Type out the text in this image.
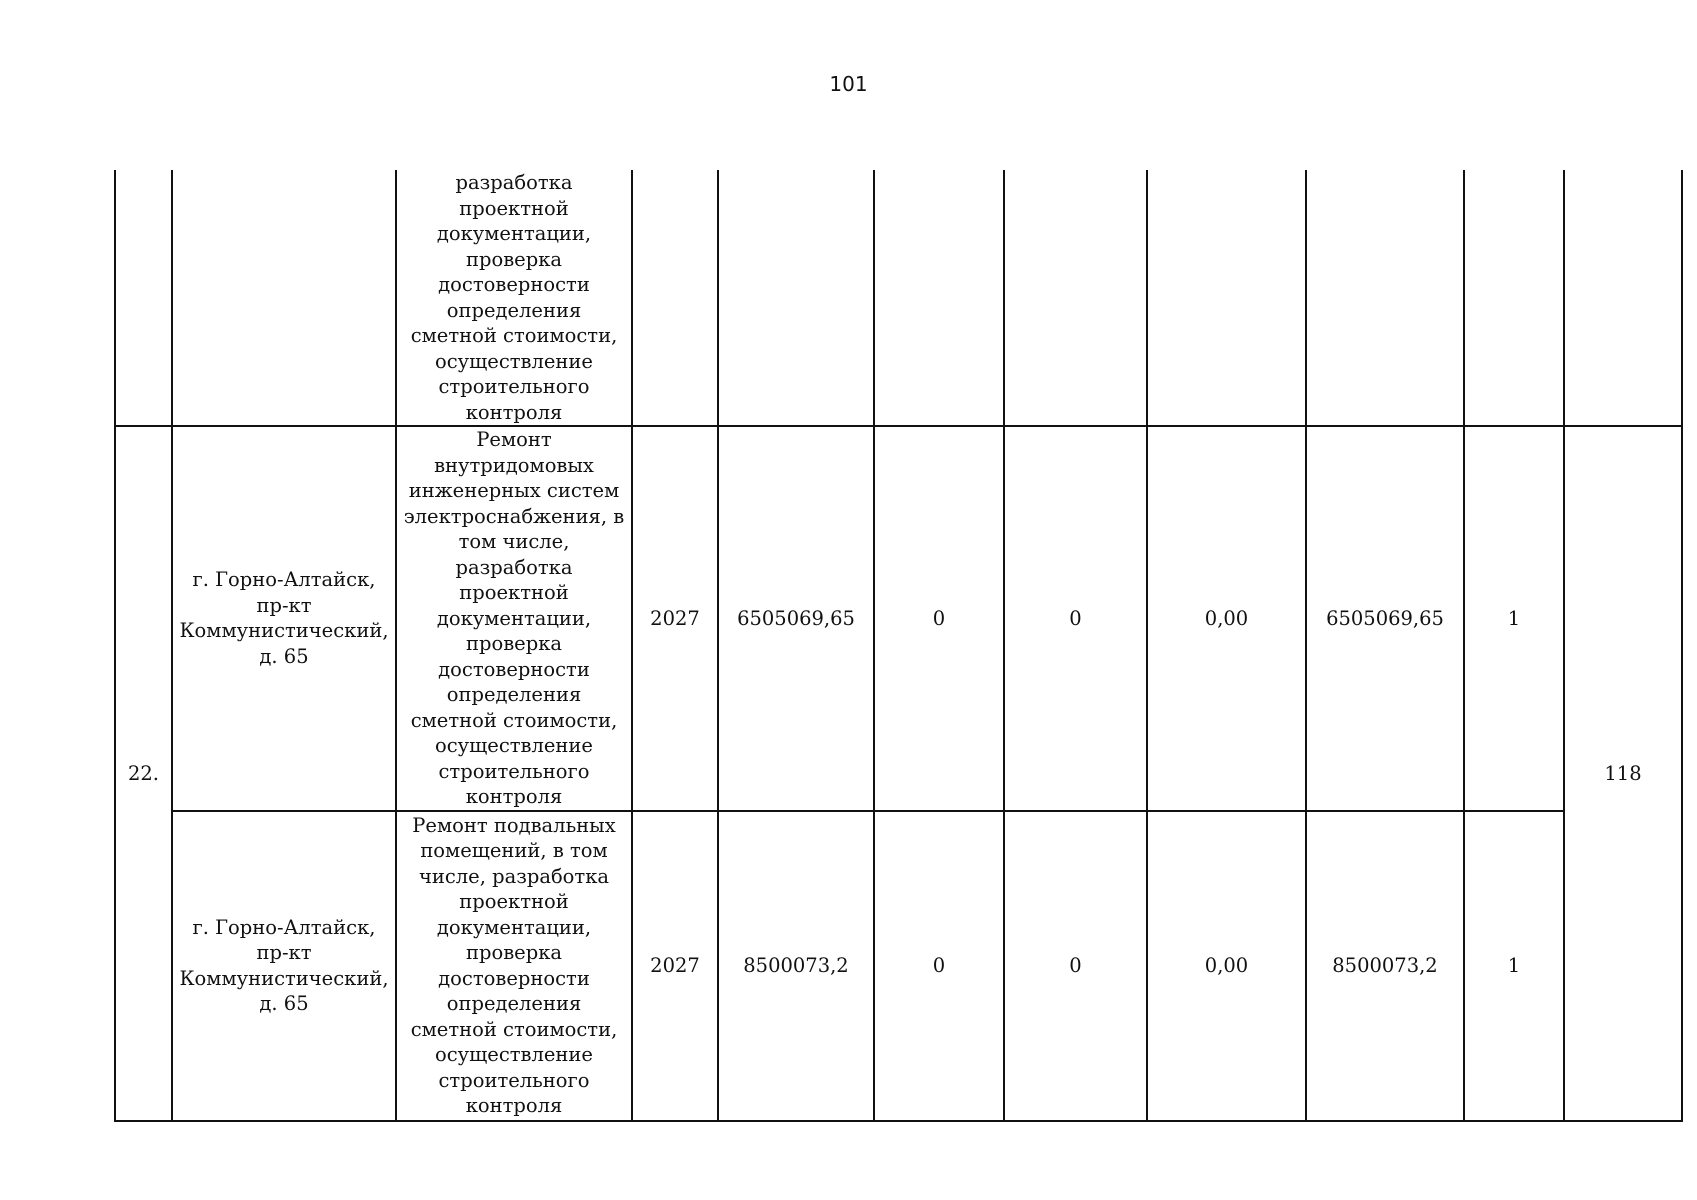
101
		разработка проектной документации, проверка достоверности определения сметной стоимости, осуществление строительного контроля								
22.	г. Горно-Алтайск, пр-кт Коммунистический, д. 65	Ремонт внутридомовых инженерных систем электроснабжения, в том числе, разработка проектной документации, проверка достоверности определения сметной стоимости, осуществление строительного контроля	2027	6505069,65	0	0	0,00	6505069,65	1	118
	г. Горно-Алтайск, пр-кт Коммунистический, д. 65	Ремонт подвальных помещений, в том числе, разработка проектной документации, проверка достоверности определения сметной стоимости, осуществление строительного контроля	2027	8500073,2	0	0	0,00	8500073,2	1	
